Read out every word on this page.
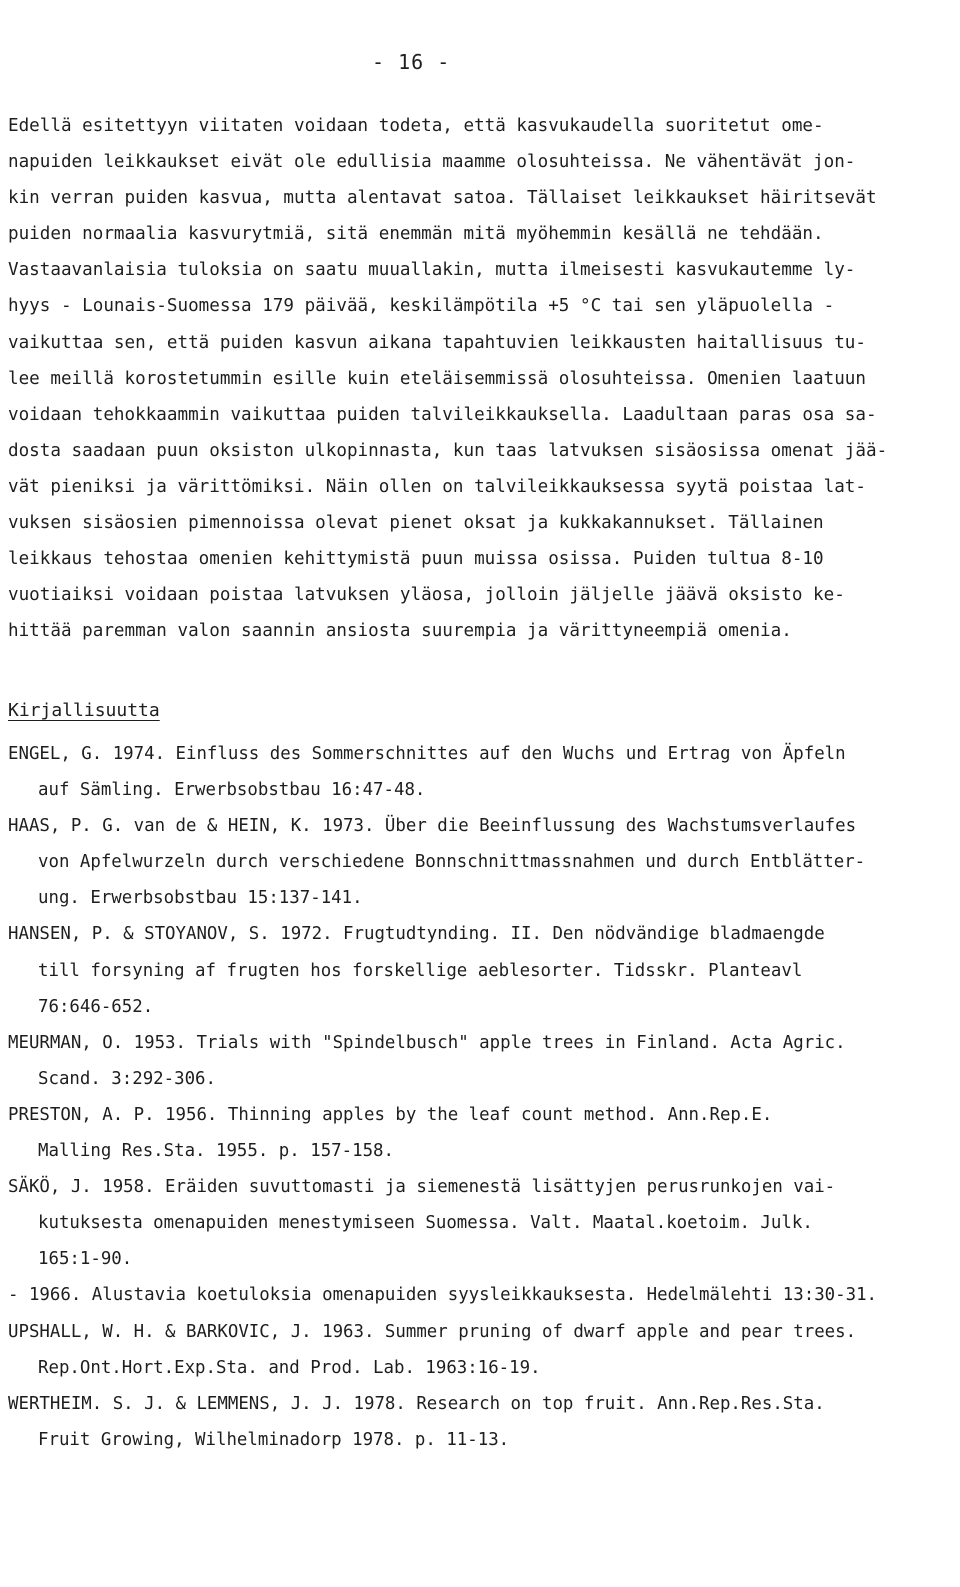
- 16 -
Edellä esitettyyn viitaten voidaan todeta, että kasvukaudella suoritetut ome-
napuiden leikkaukset eivät ole edullisia maamme olosuhteissa. Ne vähentävät jon-
kin verran puiden kasvua, mutta alentavat satoa. Tällaiset leikkaukset häiritsevät
puiden normaalia kasvurytmiä, sitä enemmän mitä myöhemmin kesällä ne tehdään.
Vastaavanlaisia tuloksia on saatu muuallakin, mutta ilmeisesti kasvukautemme ly-
hyys - Lounais-Suomessa 179 päivää, keskilämpötila +5 °C tai sen yläpuolella -
vaikuttaa sen, että puiden kasvun aikana tapahtuvien leikkausten haitallisuus tu-
lee meillä korostetummin esille kuin eteläisemmissä olosuhteissa. Omenien laatuun
voidaan tehokkaammin vaikuttaa puiden talvileikkauksella. Laadultaan paras osa sa-
dosta saadaan puun oksiston ulkopinnasta, kun taas latvuksen sisäosissa omenat jää-
vät pieniksi ja värittömiksi. Näin ollen on talvileikkauksessa syytä poistaa lat-
vuksen sisäosien pimennoissa olevat pienet oksat ja kukkakannukset. Tällainen
leikkaus tehostaa omenien kehittymistä puun muissa osissa. Puiden tultua 8-10
vuotiaiksi voidaan poistaa latvuksen yläosa, jolloin jäljelle jäävä oksisto ke-
hittää paremman valon saannin ansiosta suurempia ja värittyneempiä omenia.
Kirjallisuutta
ENGEL, G. 1974. Einfluss des Sommerschnittes auf den Wuchs und Ertrag von Äpfeln
auf Sämling. Erwerbsobstbau 16:47-48.
HAAS, P. G. van de & HEIN, K. 1973. Über die Beeinflussung des Wachstumsverlaufes
von Apfelwurzeln durch verschiedene Bonnschnittmassnahmen und durch Entblätter-
ung. Erwerbsobstbau 15:137-141.
HANSEN, P. & STOYANOV, S. 1972. Frugtudtynding. II. Den nödvändige bladmaengde
till forsyning af frugten hos forskellige aeblesorter. Tidsskr. Planteavl
76:646-652.
MEURMAN, O. 1953. Trials with "Spindelbusch" apple trees in Finland. Acta Agric.
Scand. 3:292-306.
PRESTON, A. P. 1956. Thinning apples by the leaf count method. Ann.Rep.E.
Malling Res.Sta. 1955. p. 157-158.
SÄKÖ, J. 1958. Eräiden suvuttomasti ja siemenestä lisättyjen perusrunkojen vai-
kutuksesta omenapuiden menestymiseen Suomessa. Valt. Maatal.koetoim. Julk.
165:1-90.
- 1966. Alustavia koetuloksia omenapuiden syysleikkauksesta. Hedelmälehti 13:30-31.
UPSHALL, W. H. & BARKOVIC, J. 1963. Summer pruning of dwarf apple and pear trees.
Rep.Ont.Hort.Exp.Sta. and Prod. Lab. 1963:16-19.
WERTHEIM. S. J. & LEMMENS, J. J. 1978. Research on top fruit. Ann.Rep.Res.Sta.
Fruit Growing, Wilhelminadorp 1978. p. 11-13.
